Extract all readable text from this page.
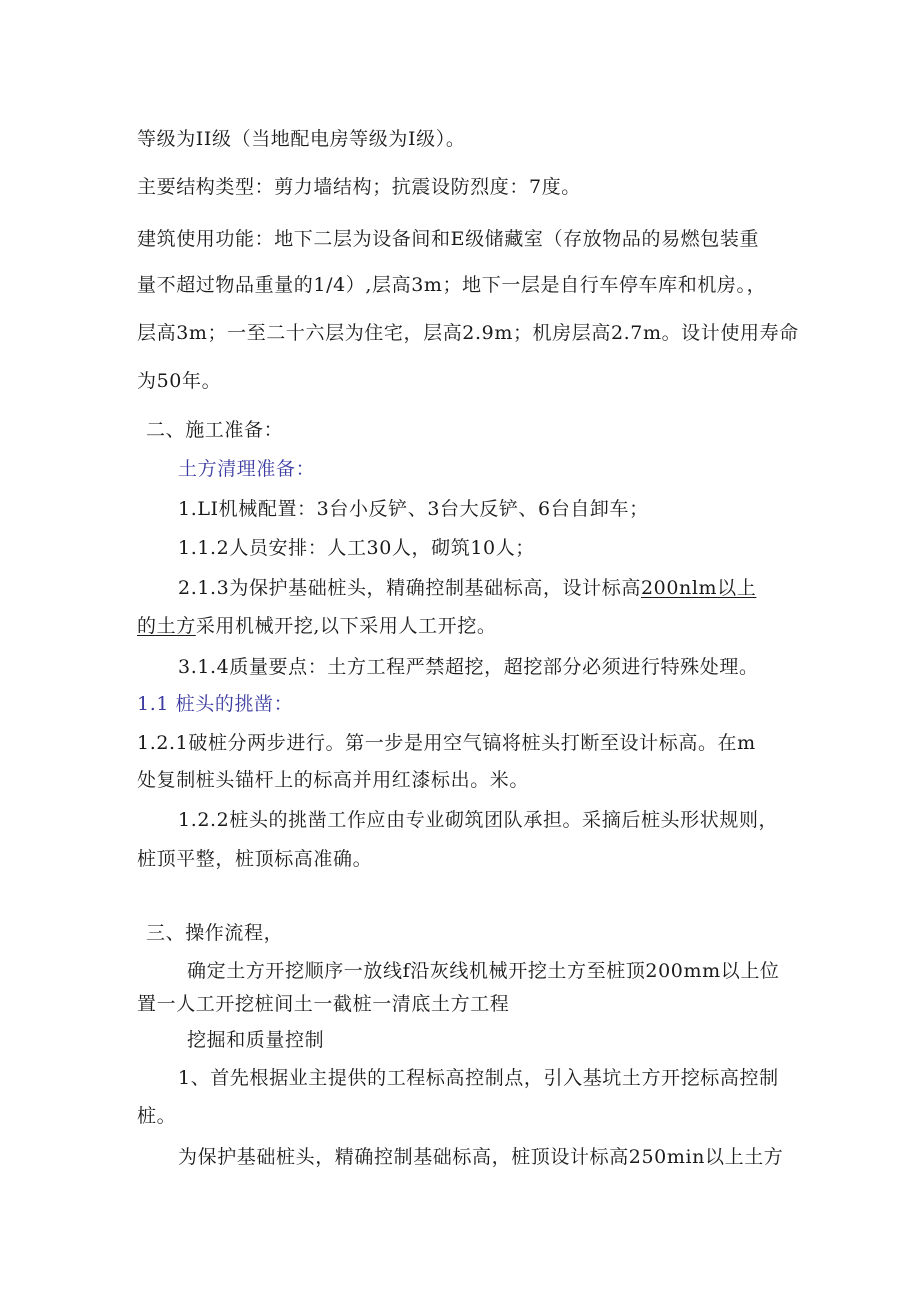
等级为II级（当地配电房等级为I级）。
主要结构类型：剪力墙结构；抗震设防烈度：7度。
建筑使用功能：地下二层为设备间和E级储藏室（存放物品的易燃包装重
量不超过物品重量的1/4）,层高3m；地下一层是自行车停车库和机房。，
层高3m；一至二十六层为住宅，层高2.9m；机房层高2.7m。设计使用寿命
为50年。
二、施工准备：
土方清理准备：
1.LI机械配置：3台小反铲、3台大反铲、6台自卸车；
1.1.2人员安排：人工30人，砌筑10人；
2.1.3为保护基础桩头，精确控制基础标高，设计标高200nlm以上
的土方采用机械开挖,以下采用人工开挖。
3.1.4质量要点：土方工程严禁超挖，超挖部分必须进行特殊处理。
1.1 桩头的挑凿：
1.2.1破桩分两步进行。第一步是用空气镐将桩头打断至设计标高。在m
处复制桩头锚杆上的标高并用红漆标出。米。
1.2.2桩头的挑凿工作应由专业砌筑团队承担。采摘后桩头形状规则，
桩顶平整，桩顶标高准确。
三、操作流程，
确定土方开挖顺序一放线f沿灰线机械开挖土方至桩顶200mm以上位
置一人工开挖桩间土一截桩一清底土方工程
挖掘和质量控制
1、首先根据业主提供的工程标高控制点，引入基坑土方开挖标高控制
桩。
为保护基础桩头，精确控制基础标高，桩顶设计标高250min以上土方
